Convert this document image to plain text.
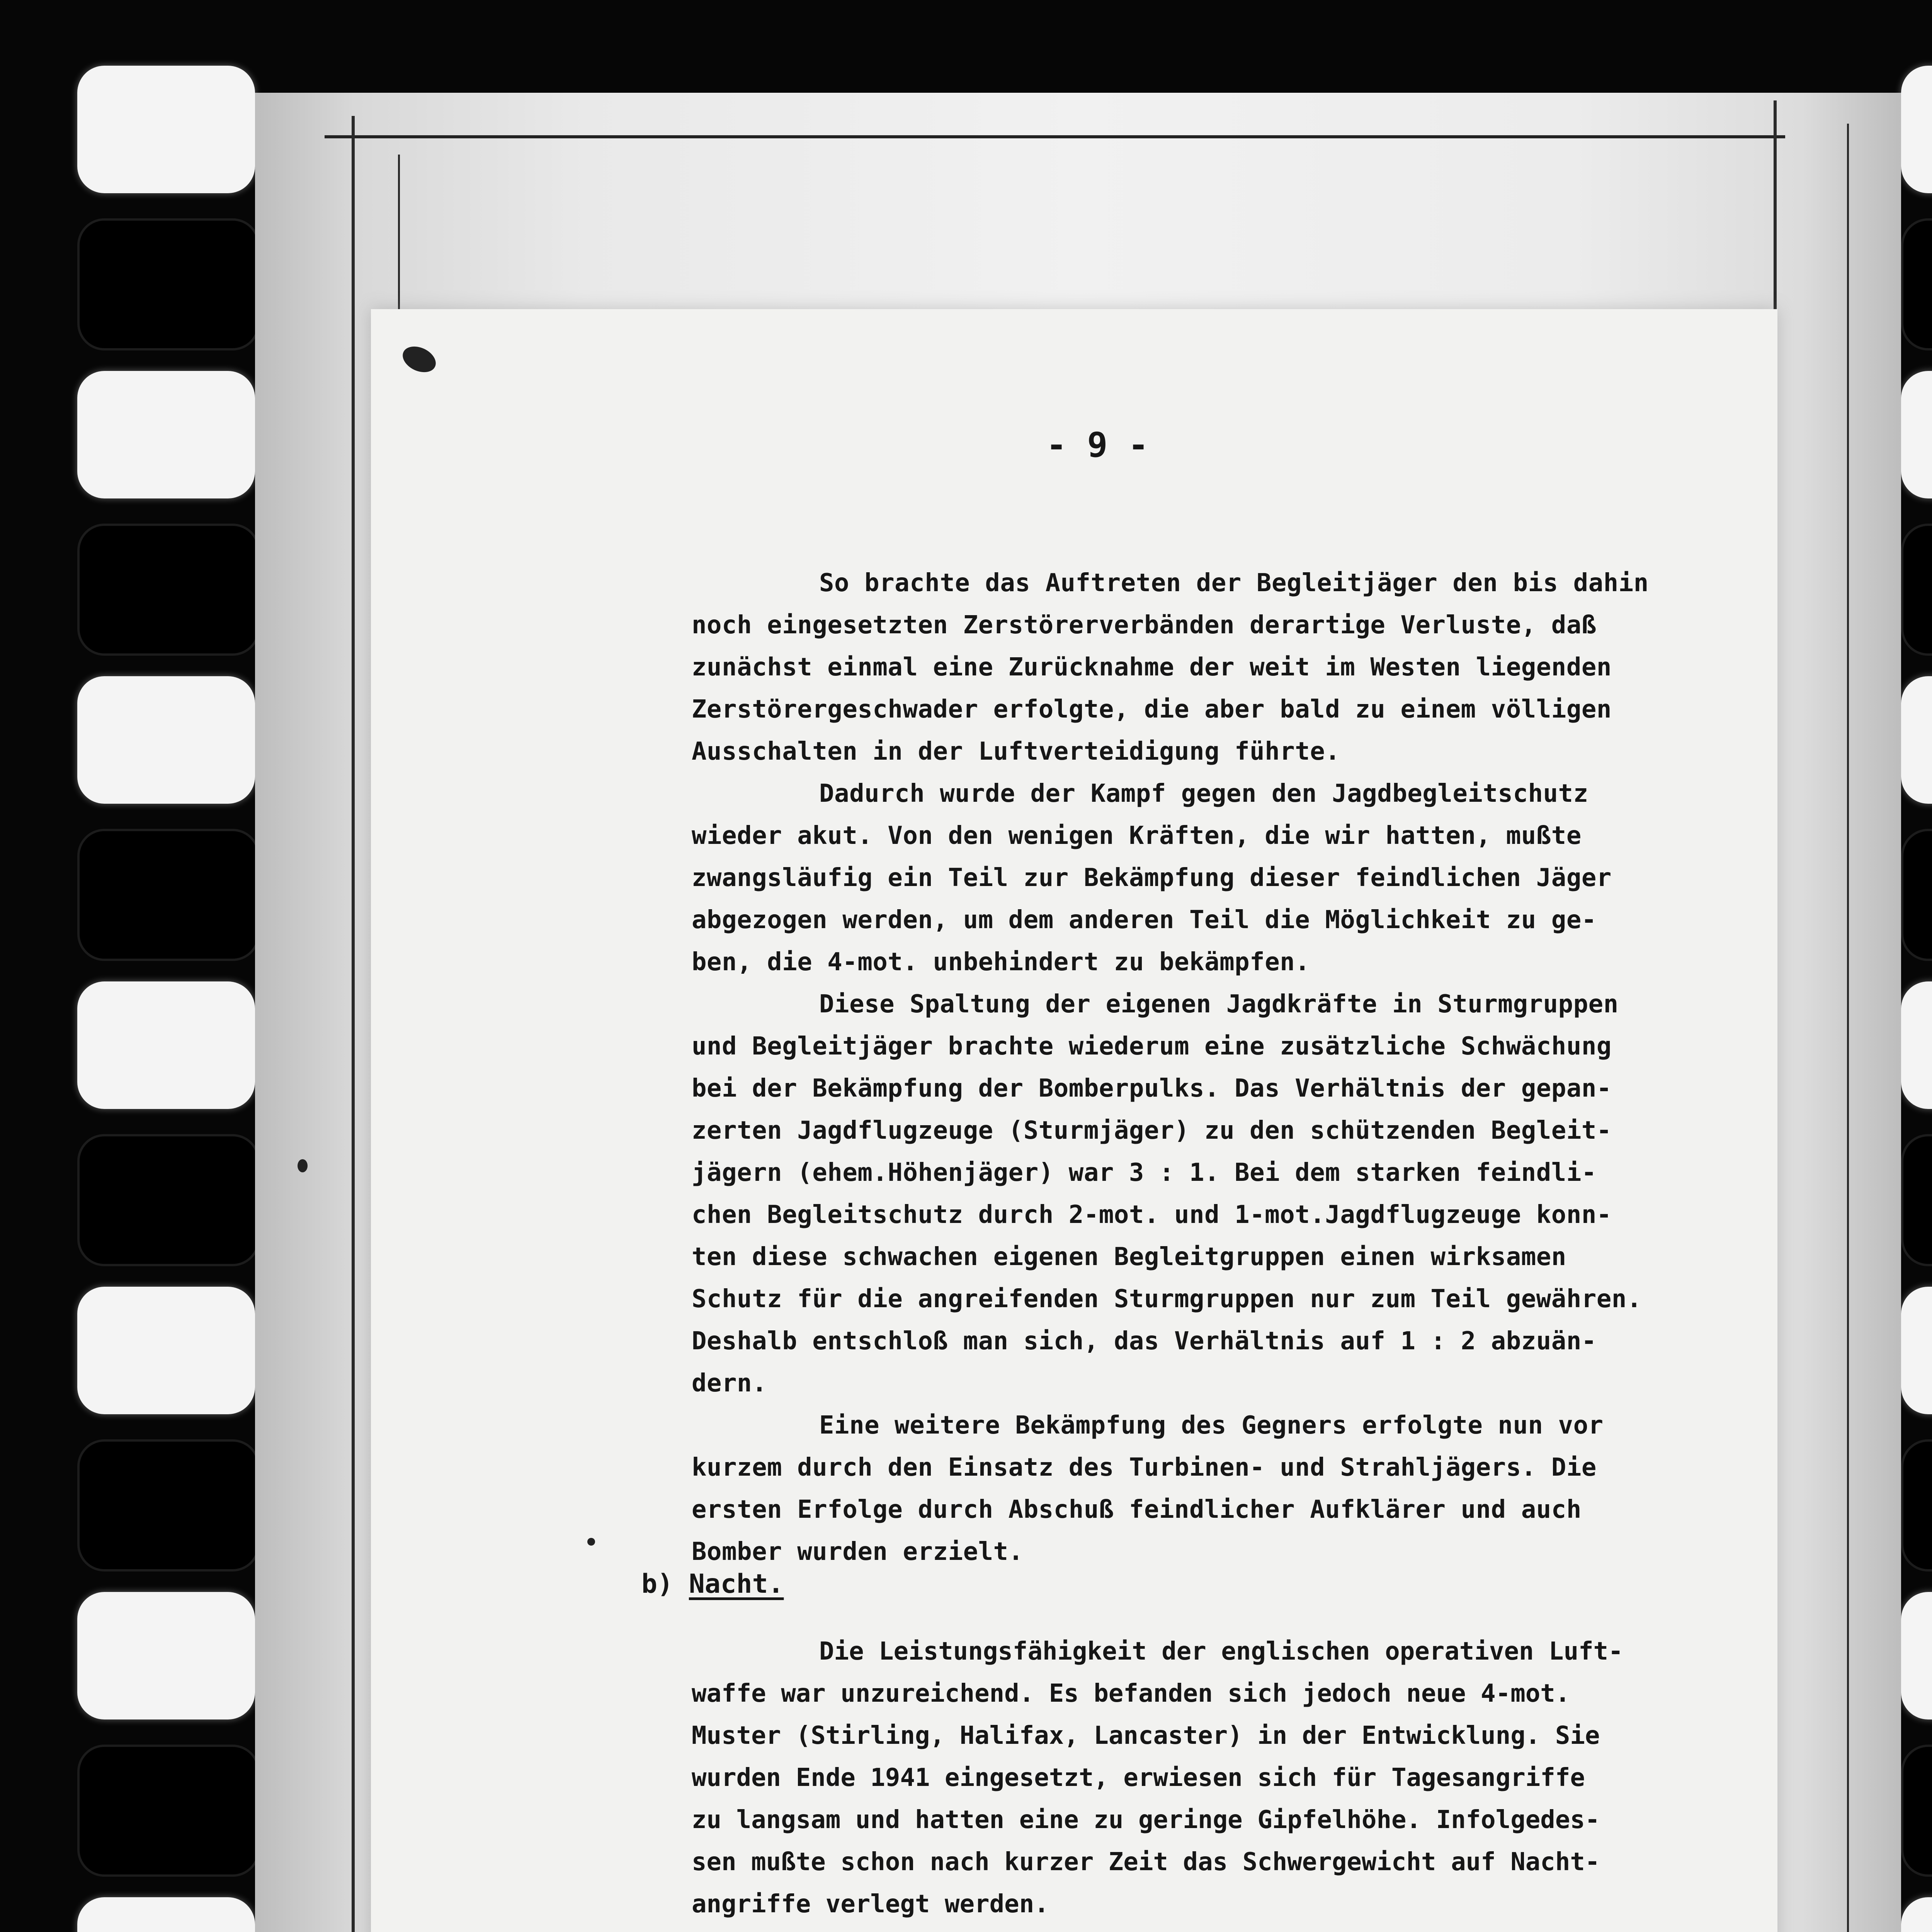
- 9 -
So brachte das Auftreten der Begleitjäger den bis dahin
noch eingesetzten Zerstörerverbänden derartige Verluste, daß
zunächst einmal eine Zurücknahme der weit im Westen liegenden
Zerstörergeschwader erfolgte, die aber bald zu einem völligen
Ausschalten in der Luftverteidigung führte.
Dadurch wurde der Kampf gegen den Jagdbegleitschutz
wieder akut. Von den wenigen Kräften, die wir hatten, mußte
zwangsläufig ein Teil zur Bekämpfung dieser feindlichen Jäger
abgezogen werden, um dem anderen Teil die Möglichkeit zu ge-
ben, die 4-mot. unbehindert zu bekämpfen.
Diese Spaltung der eigenen Jagdkräfte in Sturmgruppen
und Begleitjäger brachte wiederum eine zusätzliche Schwächung
bei der Bekämpfung der Bomberpulks. Das Verhältnis der gepan-
zerten Jagdflugzeuge (Sturmjäger) zu den schützenden Begleit-
jägern (ehem.Höhenjäger) war 3 : 1. Bei dem starken feindli-
chen Begleitschutz durch 2-mot. und 1-mot.Jagdflugzeuge konn-
ten diese schwachen eigenen Begleitgruppen einen wirksamen
Schutz für die angreifenden Sturmgruppen nur zum Teil gewähren.
Deshalb entschloß man sich, das Verhältnis auf 1 : 2 abzuän-
dern.
Eine weitere Bekämpfung des Gegners erfolgte nun vor
kurzem durch den Einsatz des Turbinen- und Strahljägers. Die
ersten Erfolge durch Abschuß feindlicher Aufklärer und auch
Bomber wurden erzielt.
b) Nacht.
Die Leistungsfähigkeit der englischen operativen Luft-
waffe war unzureichend. Es befanden sich jedoch neue 4-mot.
Muster (Stirling, Halifax, Lancaster) in der Entwicklung. Sie
wurden Ende 1941 eingesetzt, erwiesen sich für Tagesangriffe
zu langsam und hatten eine zu geringe Gipfelhöhe. Infolgedes-
sen mußte schon nach kurzer Zeit das Schwergewicht auf Nacht-
angriffe verlegt werden.
